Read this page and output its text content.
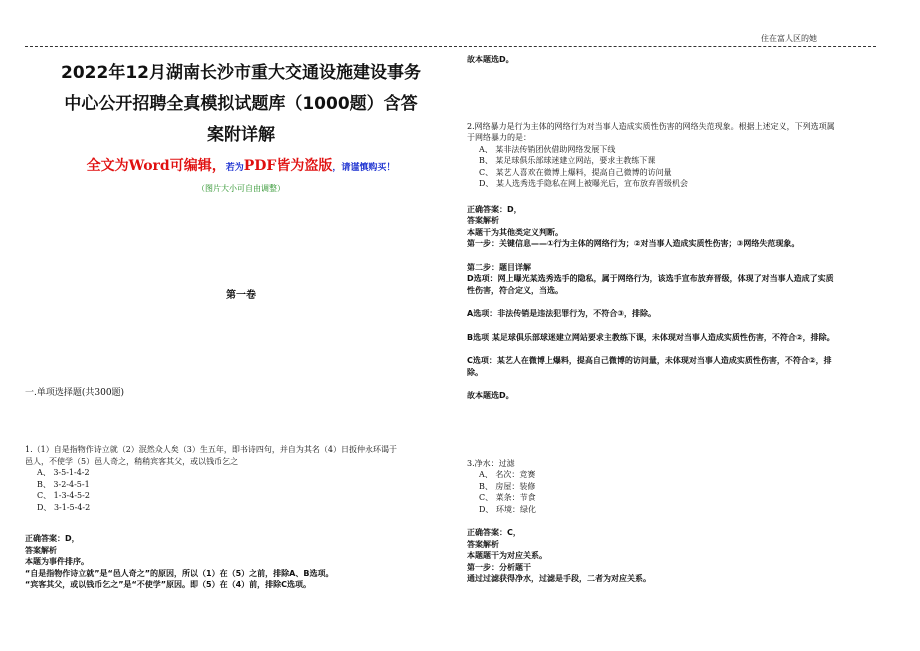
住在富人区的她
2022年12月湖南长沙市重大交通设施建设事务
中心公开招聘全真模拟试题库（1000题）含答
案附详解
全文为Word可编辑，若为PDF皆为盗版，请谨慎购买！
（图片大小可自由调整）
第一卷
一.单项选择题(共300题)
1.（1）自是指物作诗立就（2）泯然众人矣（3）生五年，即书诗四句，并自为其名（4）日扳仲永环谒于
邑人，不使学（5）邑人奇之，稍稍宾客其父，或以钱币乞之
A、 3-5-1-4-2
B、 3-2-4-5-1
C、 1-3-4-5-2
D、 3-1-5-4-2
正确答案：D，
答案解析
本题为事件排序。
“自是指物作诗立就”是“邑人奇之”的原因，所以（1）在（5）之前，排除A、B选项。
“宾客其父，或以钱币乞之”是“不使学”原因。即（5）在（4）前，排除C选项。
故本题选D。
2.网络暴力是行为主体的网络行为对当事人造成实质性伤害的网络失范现象。根据上述定义，下列选项属
于网络暴力的是：
A、 某非法传销团伙借助网络发展下线
B、 某足球俱乐部球迷建立网站，要求主教练下课
C、 某艺人喜欢在微博上爆料，提高自己微博的访问量
D、 某人选秀选手隐私在网上被曝光后，宣布放弃晋级机会
正确答案：D，
答案解析
本题干为其他类定义判断。
第一步：关键信息——①行为主体的网络行为；②对当事人造成实质性伤害；③网络失范现象。
第二步：题目详解
D选项：网上曝光某选秀选手的隐私，属于网络行为，该选手宣布放弃晋级，体现了对当事人造成了实质
性伤害，符合定义，当选。
A选项：非法传销是违法犯罪行为，不符合③，排除。
B选项 某足球俱乐部球迷建立网站要求主教练下课，未体现对当事人造成实质性伤害，不符合②，排除。
C选项：某艺人在微博上爆料，提高自己微博的访问量，未体现对当事人造成实质性伤害，不符合②，排
除。
故本题选D。
3.净水：过滤
A、 名次：竞赛
B、 房屋：装修
C、 菜条：节食
D、 环境：绿化
正确答案：C，
答案解析
本题题干为对应关系。
第一步：分析题干
通过过滤获得净水，过滤是手段，二者为对应关系。
